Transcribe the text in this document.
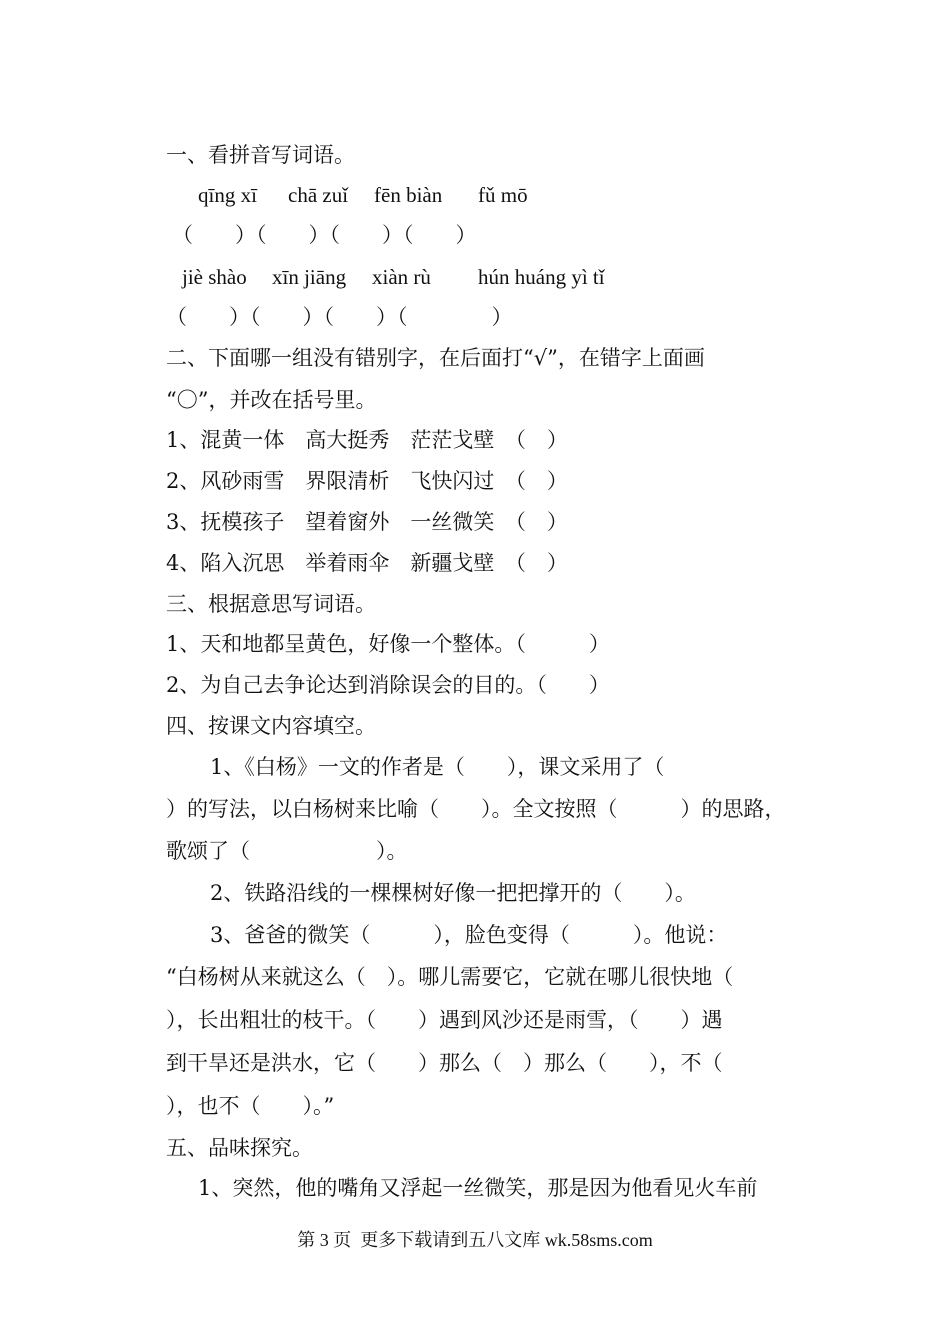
一、看拼音写词语。
qīng xī chā zuǐ fēn biàn fǔ mō
（　　）（　　）（　　）（　　）
jiè shào xīn jiāng xiàn rù hún huáng yì tǐ
（　　）（　　）（　　）（　　　　）
二、下面哪一组没有错别字，在后面打“√”，在错字上面画
“〇”，并改在括号里。
1、混黄一体　高大挺秀　茫茫戈壁　（　）
2、风砂雨雪　界限清析　飞快闪过　（　）
3、抚模孩子　望着窗外　一丝微笑　（　）
4、陷入沉思　举着雨伞　新疆戈壁　（　）
三、根据意思写词语。
1、天和地都呈黄色，好像一个整体。（　　　）
2、为自己去争论达到消除误会的目的。（　　）
四、按课文内容填空。
1、《白杨》一文的作者是（　　），课文采用了（
）的写法，以白杨树来比喻（　　）。全文按照（　　　）的思路，
歌颂了（　　　　　　）。
2、铁路沿线的一棵棵树好像一把把撑开的（　　）。
3、爸爸的微笑（　　　），脸色变得（　　　）。他说：
“白杨树从来就这么（　）。哪儿需要它，它就在哪儿很快地（
），长出粗壮的枝干。（　　）遇到风沙还是雨雪，（　　）遇
到干旱还是洪水，它（　　）那么（　）那么（　　），不（
），也不（　　）。”
五、品味探究。
1、突然，他的嘴角又浮起一丝微笑，那是因为他看见火车前
第 3 页  更多下载请到五八文库 wk.58sms.com
